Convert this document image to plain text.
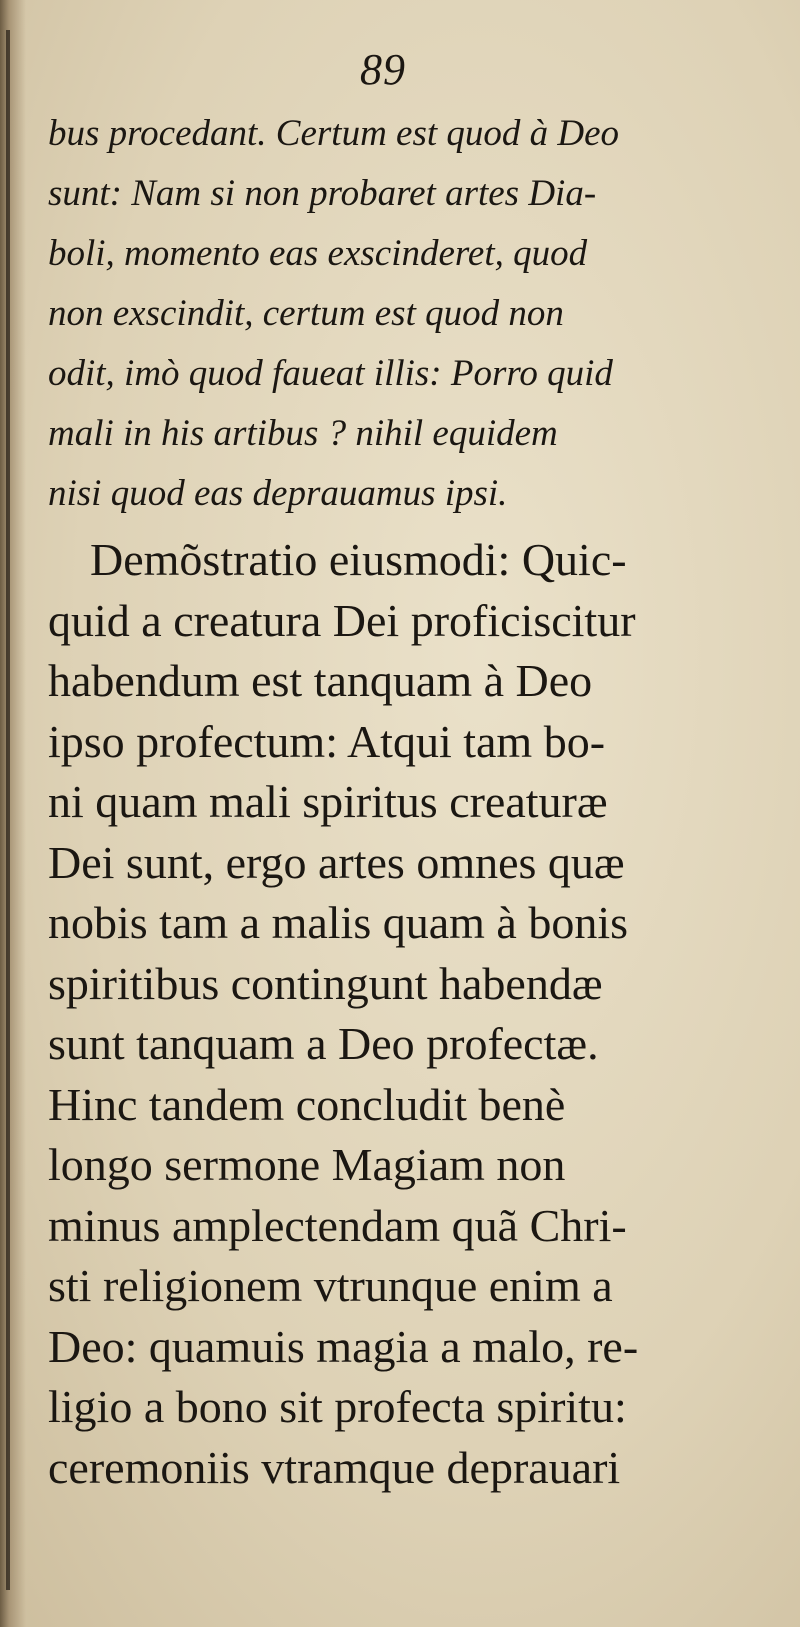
89
bus procedant. Certum est quod à Deo
sunt: Nam si non probaret artes Dia-
boli, momento eas exscinderet, quod
non exscindit, certum est quod non
odit, imò quod faueat illis: Porro quid
mali in his artibus ? nihil equidem
nisi quod eas deprauamus ipsi.
Demõstratio eiusmodi: Quic-
quid a creatura Dei proficiscitur
habendum est tanquam à Deo
ipso profectum: Atqui tam bo-
ni quam mali spiritus creaturæ
Dei sunt, ergo artes omnes quæ
nobis tam a malis quam à bonis
spiritibus contingunt habendæ
sunt tanquam a Deo profectæ.
Hinc tandem concludit benè
longo sermone Magiam non
minus amplectendam quã Chri-
sti religionem vtrunque enim a
Deo: quamuis magia a malo, re-
ligio a bono sit profecta spiritu:
ceremoniis vtramque deprauari
